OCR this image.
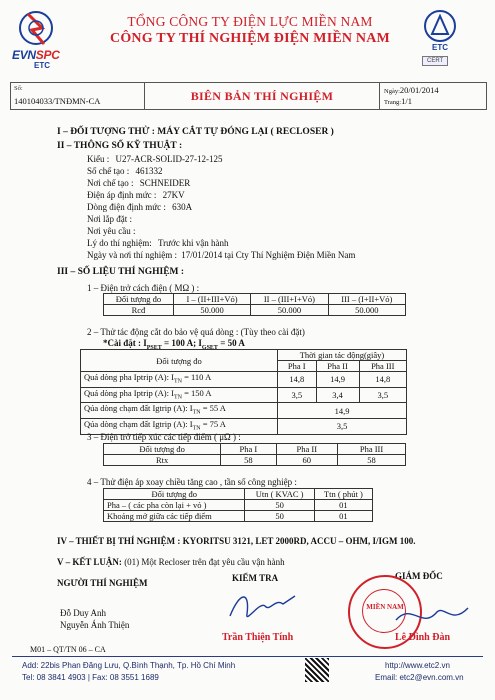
EVNSPC
ETC
TỔNG CÔNG TY ĐIỆN LỰC MIỀN NAM
CÔNG TY THÍ NGHIỆM ĐIỆN MIỀN NAM
ETC
CERT
Số:
140104033/TNĐMN-CA	BIÊN BẢN THÍ NGHIỆM	Ngày:20/01/2014
Trang:1/1
I – ĐỐI TƯỢNG THỬ : MÁY CẮT TỰ ĐÓNG LẠI ( RECLOSER )
II – THÔNG SỐ KỸ THUẬT :
Kiểu : U27-ACR-SOLID-27-12-125
Số chế tạo : 461332
Nơi chế tạo : SCHNEIDER
Điện áp định mức : 27KV
Dòng điện định mức : 630A
Nơi lắp đặt :
Nơi yêu cầu :
Lý do thí nghiệm: Trước khi vận hành
Ngày và nơi thí nghiệm : 17/01/2014 tại Cty Thí Nghiệm Điện Miền Nam
III – SỐ LIỆU THÍ NGHIỆM :
1 – Điện trở cách điện ( MΩ ) :
Đối tượng đo	I – (II+III+Vỏ)	II – (III+I+Vỏ)	III – (I+II+Vỏ)
Rcđ	50.000	50.000	50.000
2 – Thử tác động cắt do bảo vệ quá dòng : (Tùy theo cài đặt)
*Cài đặt : $I_{PSET} = 100$ A; $I_{GSET} = 50$ A
Đối tượng đo	Thời gian tác động(giây)		
	Pha I	Pha II	Pha III
Quá dòng pha Iptrip (A): $I_{TN} = 110$ A	14,8	14,9	14,8
Quá dòng pha Iptrip (A): $I_{TN} = 150$ A	3,5	3,4	3,5
Qúa dòng chạm đất Igtrip (A): $I_{TN} = 55$ A	14,9		
Qúa dòng chạm đất Igtrip (A): $I_{TN} = 75$ A	3,5		
3 – Điện trở tiếp xúc các tiếp điểm ( μΩ ) :
Đối tượng đo	Pha I	Pha II	Pha III
Rtx	58	60	58
4 – Thử điện áp xoay chiều tăng cao , tần số công nghiệp :
Đối tượng đo	Utn ( KVAC )	Ttn ( phút )
Pha – ( các pha còn lại + vỏ )	50	01
Khoảng mở giữa các tiếp điểm	50	01
IV – THIẾT BỊ THÍ NGHIỆM : KYORITSU 3121, LET 2000RD, ACCU – OHM, I/IGM 100.
V – KẾT LUẬN: (01) Một Recloser trên đạt yêu cầu vận hành
NGƯỜI THÍ NGHIỆM
Đỗ Duy Anh
Nguyễn Ánh Thiện
KIỂM TRA
Trần Thiện Tính
GIÁM ĐỐC
MIỀN NAM
Lê Đình Đàn
M01 – QT/TN 06 – CA
Add: 22bis Phan Đăng Lưu, Q.Bình Thạnh, Tp. Hồ Chí Minh
Tel: 08 3841 4903 | Fax: 08 3551 1689
http://www.etc2.vn
Email: etc2@evn.com.vn
